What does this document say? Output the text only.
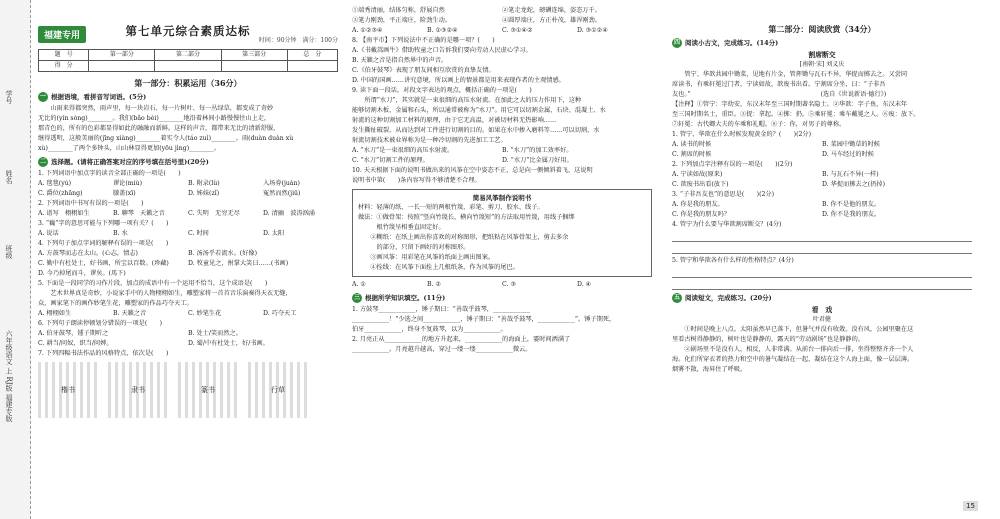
学号
姓名
班级
六年级语文 上 RJ版 福建专版
福建专用	第七单元综合素质达标
时间：90分钟　满分：100分
题　号	第一部分	第二部分	第三部分	总　分
得　分				
第一部分：积累运用（36分）
一 根据语境，看拼音写词语。(5分)

　　山雨来得都突然，雨声里，每一块岩石、每一片树叶、每一丛绿草，都变成了奇妙

无比的(yín sòng)________。我们(bǎo bèi)________地沿着林间小路慢慢往山上走，

那青色的，所有的色彩都显得如此的融融而新鲜。这样的声音，都带来无比的清新舒服，

继得透明，这般美丽的(jīng xiàng)________着实令人(táo zuì)________。雨(duàn duàn xù

xù)________了两个多钟头，山山林显得更加(yōu jìng)________。

二 选择题。(请将正确答案对应的序号填在括号里)(20分)

1. 下列词语中加点字的读音全部正确的一项是(　　)

A. 毯毯(yú)	谬论(miù)	B. 附录(lù)	入场券(juàn)
C. 爵位(zhāng)	膝盖(xī)	D. 姊妹(zǐ)	冤然而然(jiū)

2. 下列词语中书写有误的一项是(　　)

A. 谱写　栩栩如生	B. 聊琴　天籁之音	C. 失明　无穷无尽	D. 清幽　波涛汹涌

3. “巍”字的意思可能与下列哪一项有关？(　　)

A. 说话	B. 水	C. 时间	D. 太阳

4. 下列句子加点字词的解释有误的一项是(　　)

A. 方鼓琴而志在太山。(心志，情志)	B. 汤汤乎若流水。(好像)
C. 勤中有杜处士，好书画，所宝以百数。(珍藏)	D. 牧童见之，拊掌大笑曰……(书画)
D. 今乃掉尾而斗，谬矣。(馬下)

5. 下面是一段同学的习作片段，加点的成语中有一个运用不恰当，这个成语是(　　)

　　艺术世界真是奇妙，小说家手中的人物栩栩如生，雕塑家将一首首音乐演奏得天衣无缝，

众，画家笔下的画作妙笔生花，雕塑家的作品巧夺天工。

A. 栩栩如生	B. 天籁之音	C. 妙笔生花	D. 巧夺天工

6. 下列句子朗读停顿划分错误的一项是(　　)

A. 伯牙鼓琴，锺子期听之	B. 处士/笑而然之。
C. 耕当/问奴，织当/问婢。	D. 蜀/中有杜处士，好/书画。

7. 下列四幅书法作品的风格特点，依次是(　　)

楷书	隶书	篆书	行草
①端秀清丽，结体匀称，舒展自然	②笔走龙蛇，磅礴连绵，姿态万千。
③笔力刚劲，平正端庄，险劲生动。	④圆厚端庄，方正朴茂，雄浑刚劲。
A. ①②③④	B. ①③②④	C. ③①④②	D. ③①②④

8. 【南平市】下列说法中不正确的是哪一项？(　　)

A.《书戴嵩画牛》借助牧童之口告诉我们要向劳动人民虚心学习。

B. 天籁之音是指自然界中的声音。

C.《伯牙鼓琴》表现了朋友间相互欣赏的真挚友情。

D. 中国的国画……讲究意境，所以画上的情景都是用来表现作者的主观情感。

9. 读下面一段话，对段文字表达的观点，概括正确的一项是(　　)

　　所谓“水刀”，其实就是一束很细的高压水射流。在加此之大的压力作用下，这种

能够切割木板、金属和石头，所以通常被称为“水刀”。用它可以切割金属、石块、混凝土、水

射流的这种切割加工材料的原理，由于它无高温，对被切材料无热影响……

发生撕扯破裂，从而达到对工件进行切割的目的。如果在水中掺入磨料等……可以切割，水

射流切割技术被业界称为是一种冷切割的先进加工工艺。

A. “水刀”是一束很细的高压水射流。	B. “水刀”的加工效率好。
C. “水刀”切割工件的原理。	D. “水刀”比金属刀好用。

10. 天天根据下面的说明书做出来的风筝在空中姿态不正，总是向一侧倾斜着飞，这说明

说明书中第(　　)条内容写得不够清楚不合理。

简易风筝制作说明书

材料：轻薄的纸、一长一短的两根竹篾、彩笔、剪刀、胶水、线子。

做法：①做骨架：按照“竖向竹篾长，横向竹篾短”的方法取用竹篾，用线子捆绑

　　　根竹篾呈相垂直固定好。

　　②糊纸：在纸上画出你喜欢的对称图形，把纸粘在风筝骨架上，剪去多余

　　　的部分，只留下画好的对称图形。

　　③画风筝：用彩笔在风筝的纸面上画出图案。

　　④拴线：在风筝下面拴上几根纸条，作为风筝的尾巴。

A. ①	B. ②	C. ③	D. ④
三 根据所学知识填空。(11分)

1. 方鼓琴____________，锤子期曰：“善哉乎鼓琴，____________

____________！”少选之间____________，锤子期曰：“善哉乎鼓琴，____________”。锤子期死，

伯牙____________，终身不复鼓琴，以为____________。

2. 月亮正从____________的地方升起来，____________的海面上，霎时间洒满了

____________。月亮越升越高，穿过一缕一缕____________微云。

第二部分：阅读欣赏（34分）
四 阅读小古文，完成练习。(14分)
割席断交
[南朝·宋] 刘义庆

　　管宁、华歆共园中锄菜，见地有片金，管挥锄与瓦石不异，华捉而掷去之。又尝同

席读书，有乘轩冕过门者，宁读如故，歆废书出看。宁割席分坐，曰：“子非吾

友也。”　　　　　　　　　　　　　　　　　　　　　(选自《世说新语·德行》)

【注释】①管宁：字幼安，东汉末年至三国时期著名隐士。②华歆：字子鱼，东汉末年

至三国时期名士，重臣。③捉：拿起。④掷：扔。⑤乘轩冕：乘车戴冕之人。⑥废：放下。

⑦轩冕：古代卿大夫的车乘和礼帽。⑧子：你，对男子的尊称。

1. 管宁、华歆在什么时候发现黄金的？(　　)(2分)

A. 读书的时候	B. 菜园中锄草的时候
C. 割席的时候	D. 马车经过的时候

2. 下列加点字注释有误的一项是(　　)(2分)

A. 宁读如故(原来)	B. 与瓦石不异(一样)
C. 歆废书出看(放下)	D. 华捉而掷去之(扔掉)

3. “子非吾友也”的意思是(　　)(2分)

A. 你是我的朋友。	B. 你不是他的朋友。
C. 你是我的朋友吗？	D. 你不是我的朋友。

4. 管宁为什么要与华歆割席断交？(4分)

5. 管宁和华歆各有什么样的性格特点？(4分)

五 阅读短文，完成练习。(20分)
看　戏
叶君健

　　①时间是晚上八点。太阳虽然早已落下，但暑气并没有收敛。没有风，公园里聚在这

里看古树得静静的，树叶也是静静的，露天的“劳动剧场”也是静静的。

　　②剧场里不是没有人，相反，人非常满。从前台一排向后一排，坐得整整齐齐一个人

海。化们所穿衣者的热力和空中的暑气凝结在一起，凝结在这个人海上面，像一层层薄。

烟雾不散，海昇住了呼吸。

15
